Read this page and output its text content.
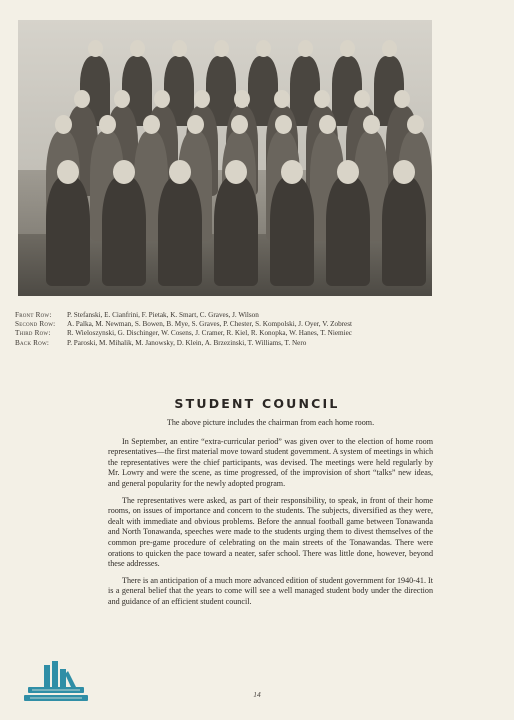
Front Row:	P. Stefanski, E. Cianfrini, F. Pietak, K. Smart, C. Graves, J. Wilson
Second Row:	A. Palka, M. Newman, S. Bowen, B. Mye, S. Graves, P. Chester, S. Kompolski, J. Oyer, V. Zobrest
Third Row:	R. Wieloszynski, G. Dischinger, W. Cosens, J. Cramer, R. Kiel, R. Konopka, W. Hanes, T. Niemiec
Back Row:	P. Paroski, M. Mihalik, M. Janowsky, D. Klein, A. Brzezinski, T. Williams, T. Nero
STUDENT COUNCIL

The above picture includes the chairman from each home room.

In September, an entire “extra-curricular period” was given over to the election of home room representatives—the first material move toward student government. A system of meetings in which the representatives were the chief participants, was devised. The meetings were held regularly by Mr. Lowry and were the scene, as time progressed, of the improvision of short “talks” new ideas, and general popularity for the newly adopted program.

The representatives were asked, as part of their responsibility, to speak, in front of their home rooms, on issues of importance and concern to the students. The subjects, diversified as they were, dealt with immediate and obvious problems. Before the annual football game between Tonawanda and North Tonawanda, speeches were made to the students urging them to divest themselves of the common pre-game procedure of celebrating on the main streets of the Tonawandas. There were orations to quicken the pace toward a neater, safer school. There was little done, however, beyond these addresses.

There is an anticipation of a much more advanced edition of student government for 1940-41. It is a general belief that the years to come will see a well managed student body under the direction and guidance of an efficient student council.

14
